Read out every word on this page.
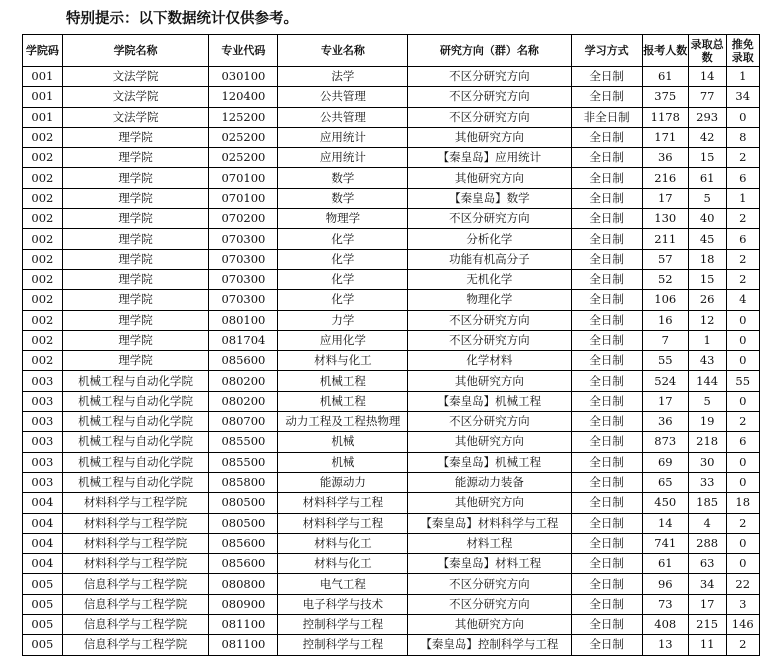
特别提示：以下数据统计仅供参考。
学院码	学院名称	专业代码	专业名称	研究方向（群）名称	学习方式	报考人数	录取总数	推免录取
001	文法学院	030100	法学	不区分研究方向	全日制	61	14	1
001	文法学院	120400	公共管理	不区分研究方向	全日制	375	77	34
001	文法学院	125200	公共管理	不区分研究方向	非全日制	1178	293	0
002	理学院	025200	应用统计	其他研究方向	全日制	171	42	8
002	理学院	025200	应用统计	【秦皇岛】应用统计	全日制	36	15	2
002	理学院	070100	数学	其他研究方向	全日制	216	61	6
002	理学院	070100	数学	【秦皇岛】数学	全日制	17	5	1
002	理学院	070200	物理学	不区分研究方向	全日制	130	40	2
002	理学院	070300	化学	分析化学	全日制	211	45	6
002	理学院	070300	化学	功能有机高分子	全日制	57	18	2
002	理学院	070300	化学	无机化学	全日制	52	15	2
002	理学院	070300	化学	物理化学	全日制	106	26	4
002	理学院	080100	力学	不区分研究方向	全日制	16	12	0
002	理学院	081704	应用化学	不区分研究方向	全日制	7	1	0
002	理学院	085600	材料与化工	化学材料	全日制	55	43	0
003	机械工程与自动化学院	080200	机械工程	其他研究方向	全日制	524	144	55
003	机械工程与自动化学院	080200	机械工程	【秦皇岛】机械工程	全日制	17	5	0
003	机械工程与自动化学院	080700	动力工程及工程热物理	不区分研究方向	全日制	36	19	2
003	机械工程与自动化学院	085500	机械	其他研究方向	全日制	873	218	6
003	机械工程与自动化学院	085500	机械	【秦皇岛】机械工程	全日制	69	30	0
003	机械工程与自动化学院	085800	能源动力	能源动力装备	全日制	65	33	0
004	材料科学与工程学院	080500	材料科学与工程	其他研究方向	全日制	450	185	18
004	材料科学与工程学院	080500	材料科学与工程	【秦皇岛】材料科学与工程	全日制	14	4	2
004	材料科学与工程学院	085600	材料与化工	材料工程	全日制	741	288	0
004	材料科学与工程学院	085600	材料与化工	【秦皇岛】材料工程	全日制	61	63	0
005	信息科学与工程学院	080800	电气工程	不区分研究方向	全日制	96	34	22
005	信息科学与工程学院	080900	电子科学与技术	不区分研究方向	全日制	73	17	3
005	信息科学与工程学院	081100	控制科学与工程	其他研究方向	全日制	408	215	146
005	信息科学与工程学院	081100	控制科学与工程	【秦皇岛】控制科学与工程	全日制	13	11	2
